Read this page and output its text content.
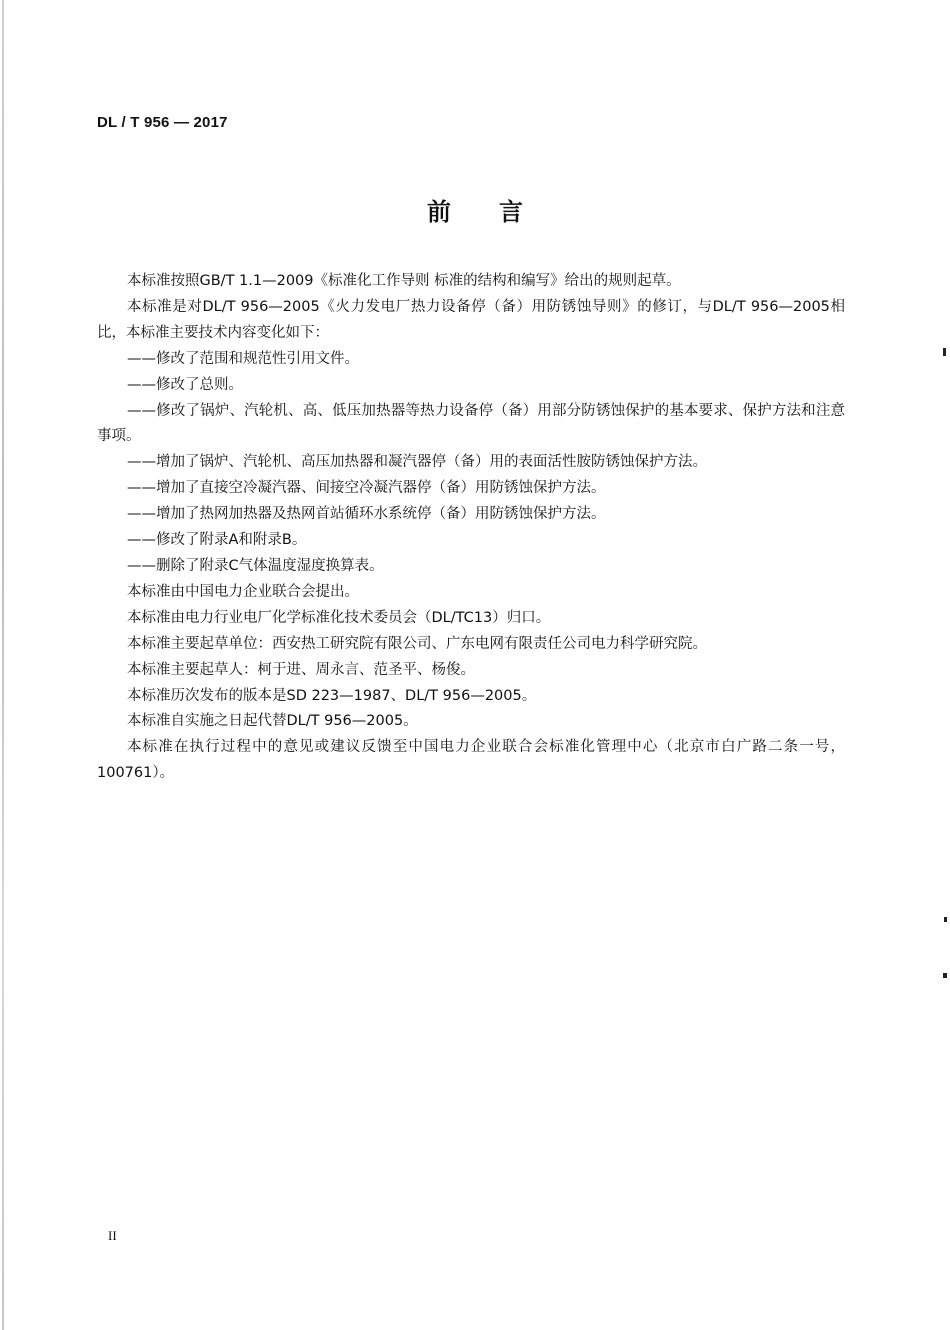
DL / T 956 — 2017
前言

本标准按照GB/T 1.1—2009《标准化工作导则 标准的结构和编写》给出的规则起草。

本标准是对DL/T 956—2005《火力发电厂热力设备停（备）用防锈蚀导则》的修订，与DL/T 956—2005相比，本标准主要技术内容变化如下：

——修改了范围和规范性引用文件。

——修改了总则。

——修改了锅炉、汽轮机、高、低压加热器等热力设备停（备）用部分防锈蚀保护的基本要求、保护方法和注意事项。

——增加了锅炉、汽轮机、高压加热器和凝汽器停（备）用的表面活性胺防锈蚀保护方法。

——增加了直接空冷凝汽器、间接空冷凝汽器停（备）用防锈蚀保护方法。

——增加了热网加热器及热网首站循环水系统停（备）用防锈蚀保护方法。

——修改了附录A和附录B。

——删除了附录C气体温度湿度换算表。

本标准由中国电力企业联合会提出。

本标准由电力行业电厂化学标准化技术委员会（DL/TC13）归口。

本标准主要起草单位：西安热工研究院有限公司、广东电网有限责任公司电力科学研究院。

本标准主要起草人：柯于进、周永言、范圣平、杨俊。

本标准历次发布的版本是SD 223—1987、DL/T 956—2005。

本标准自实施之日起代替DL/T 956—2005。

本标准在执行过程中的意见或建议反馈至中国电力企业联合会标准化管理中心（北京市白广路二条一号，100761）。

II
